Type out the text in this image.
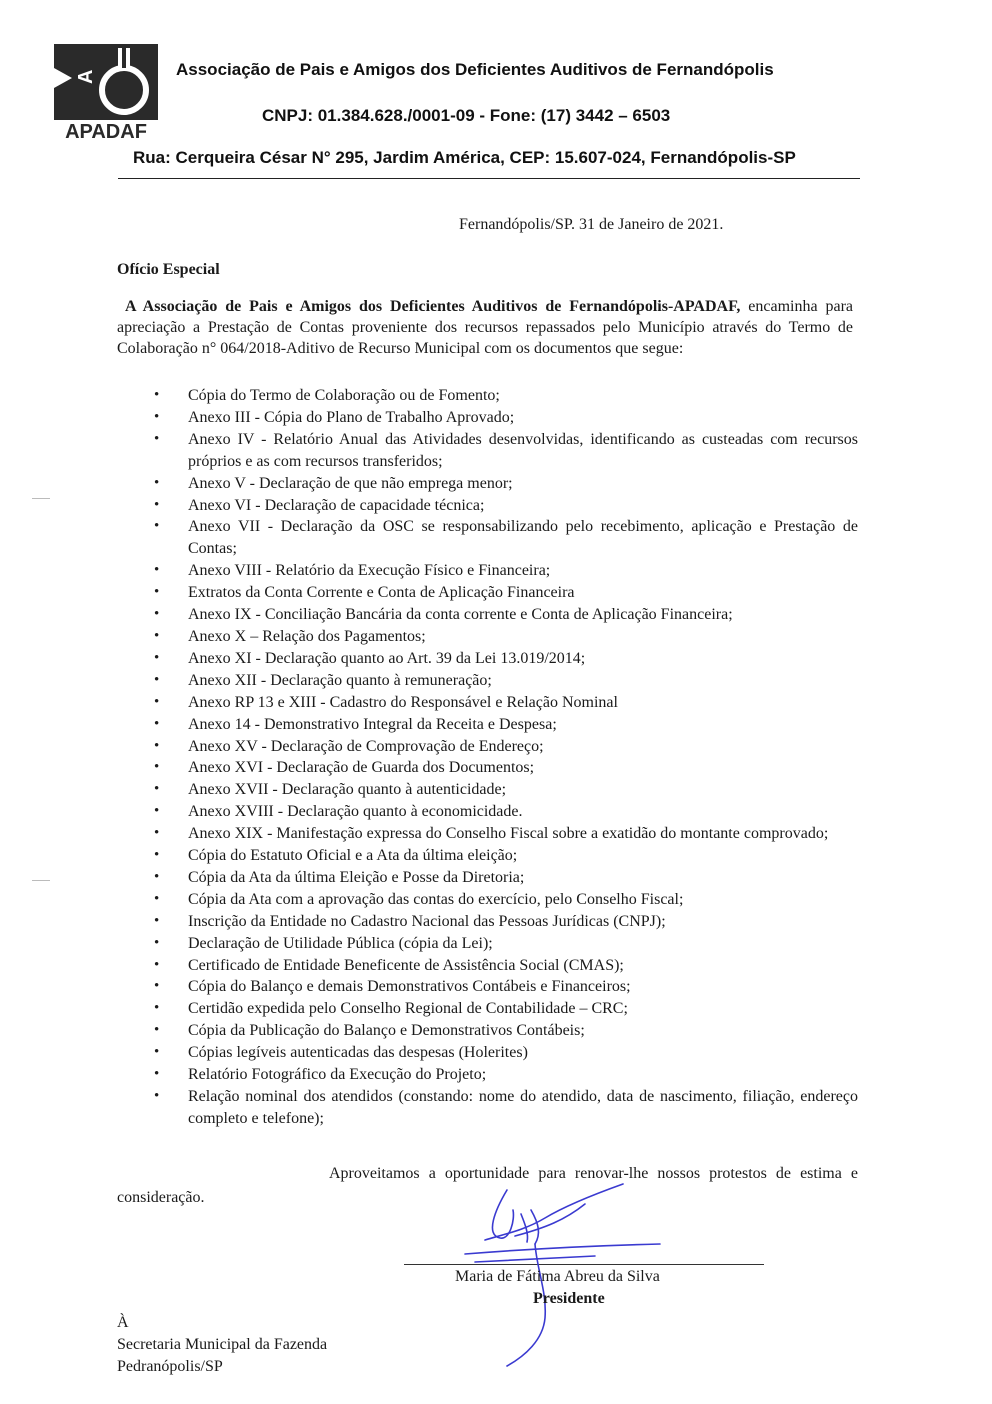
A
APADAF
Associação de Pais e Amigos dos Deficientes Auditivos de Fernandópolis
CNPJ: 01.384.628./0001-09 - Fone: (17) 3442 – 6503
Rua: Cerqueira César N° 295, Jardim América, CEP: 15.607-024, Fernandópolis-SP
Fernandópolis/SP. 31 de Janeiro de 2021.
Ofício Especial
A Associação de Pais e Amigos dos Deficientes Auditivos de Fernandópolis-APADAF, encaminha para apreciação a Prestação de Contas proveniente dos recursos repassados pelo Município através do Termo de Colaboração n° 064/2018-Aditivo de Recurso Municipal com os documentos que segue:
• Cópia do Termo de Colaboração ou de Fomento;
• Anexo III - Cópia do Plano de Trabalho Aprovado;
• Anexo IV - Relatório Anual das Atividades desenvolvidas, identificando as custeadas com recursos próprios e as com recursos transferidos;
• Anexo V - Declaração de que não emprega menor;
• Anexo VI - Declaração de capacidade técnica;
• Anexo VII - Declaração da OSC se responsabilizando pelo recebimento, aplicação e Prestação de Contas;
• Anexo VIII - Relatório da Execução Físico e Financeira;
• Extratos da Conta Corrente e Conta de Aplicação Financeira
• Anexo IX - Conciliação Bancária da conta corrente e Conta de Aplicação Financeira;
• Anexo X – Relação dos Pagamentos;
• Anexo XI - Declaração quanto ao Art. 39 da Lei 13.019/2014;
• Anexo XII - Declaração quanto à remuneração;
• Anexo RP 13 e XIII - Cadastro do Responsável e Relação Nominal
• Anexo 14 - Demonstrativo Integral da Receita e Despesa;
• Anexo XV - Declaração de Comprovação de Endereço;
• Anexo XVI - Declaração de Guarda dos Documentos;
• Anexo XVII - Declaração quanto à autenticidade;
• Anexo XVIII - Declaração quanto à economicidade.
• Anexo XIX - Manifestação expressa do Conselho Fiscal sobre a exatidão do montante comprovado;
• Cópia do Estatuto Oficial e a Ata da última eleição;
• Cópia da Ata da última Eleição e Posse da Diretoria;
• Cópia da Ata com a aprovação das contas do exercício, pelo Conselho Fiscal;
• Inscrição da Entidade no Cadastro Nacional das Pessoas Jurídicas (CNPJ);
• Declaração de Utilidade Pública (cópia da Lei);
• Certificado de Entidade Beneficente de Assistência Social (CMAS);
• Cópia do Balanço e demais Demonstrativos Contábeis e Financeiros;
• Certidão expedida pelo Conselho Regional de Contabilidade – CRC;
• Cópia da Publicação do Balanço e Demonstrativos Contábeis;
• Cópias legíveis autenticadas das despesas (Holerites)
• Relatório Fotográfico da Execução do Projeto;
• Relação nominal dos atendidos (constando: nome do atendido, data de nascimento, filiação, endereço completo e telefone);
Aproveitamos a oportunidade para renovar-lhe nossos protestos de estima e consideração.
Maria de Fátima Abreu da Silva
Presidente
À
Secretaria Municipal da Fazenda
Pedranópolis/SP
